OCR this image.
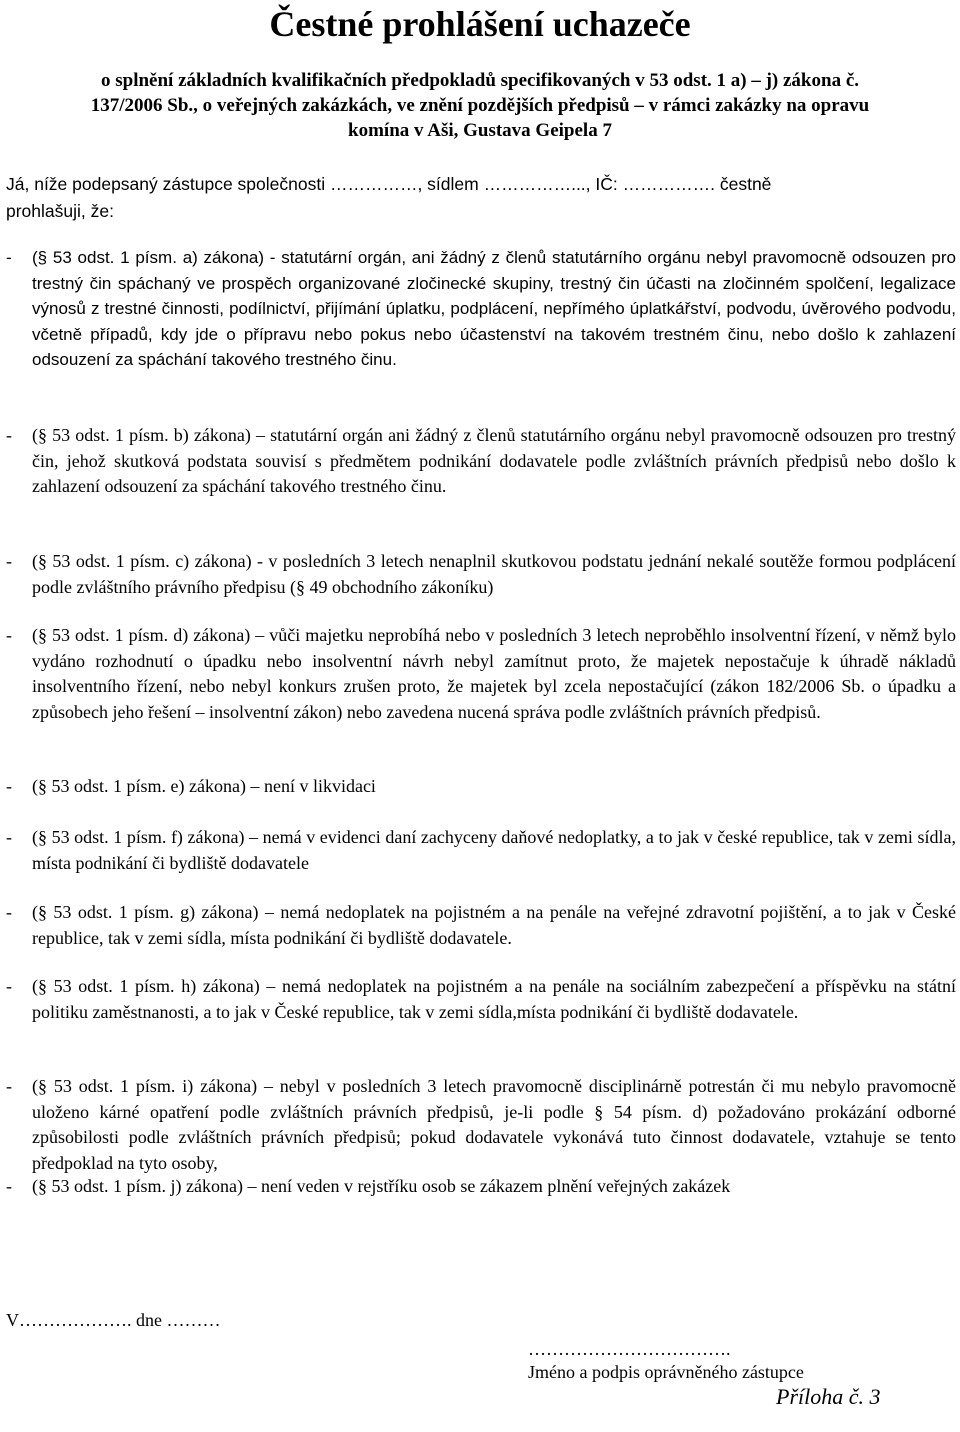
Čestné prohlášení uchazeče
o splnění základních kvalifikačních předpokladů specifikovaných v 53 odst. 1 a) – j) zákona č.
137/2006 Sb., o veřejných zakázkách, ve znění pozdějších předpisů – v rámci zakázky na opravu
komína v Aši, Gustava Geipela 7
Já, níže podepsaný zástupce společnosti ……………, sídlem ……………..., IČ: ……………. čestně
prohlašuji, že:
- (§ 53 odst. 1 písm. a) zákona) - statutární orgán, ani žádný z členů statutárního orgánu nebyl pravomocně odsouzen pro trestný čin spáchaný ve prospěch organizované zločinecké skupiny, trestný čin účasti na zločinném spolčení, legalizace výnosů z trestné činnosti, podílnictví, přijímání úplatku, podplácení, nepřímého úplatkářství, podvodu, úvěrového podvodu, včetně případů, kdy jde o přípravu nebo pokus nebo účastenství na takovém trestném činu, nebo došlo k zahlazení odsouzení za spáchání takového trestného činu.
- (§ 53 odst. 1 písm. b) zákona) – statutární orgán ani žádný z členů statutárního orgánu nebyl pravomocně odsouzen pro trestný čin, jehož skutková podstata souvisí s předmětem podnikání dodavatele podle zvláštních právních předpisů nebo došlo k zahlazení odsouzení za spáchání takového trestného činu.
- (§ 53 odst. 1 písm. c) zákona) - v posledních 3 letech nenaplnil skutkovou podstatu jednání nekalé soutěže formou podplácení podle zvláštního právního předpisu (§ 49 obchodního zákoníku)
- (§ 53 odst. 1 písm. d) zákona) – vůči majetku neprobíhá nebo v posledních 3 letech neproběhlo insolventní řízení, v němž bylo vydáno rozhodnutí o úpadku nebo insolventní návrh nebyl zamítnut proto, že majetek nepostačuje k úhradě nákladů insolventního řízení, nebo nebyl konkurs zrušen proto, že majetek byl zcela nepostačující (zákon 182/2006 Sb. o úpadku a způsobech jeho řešení – insolventní zákon) nebo zavedena nucená správa podle zvláštních právních předpisů.
- (§ 53 odst. 1 písm. e) zákona) – není v likvidaci
- (§ 53 odst. 1 písm. f) zákona) – nemá v evidenci daní zachyceny daňové nedoplatky, a to jak v české republice, tak v zemi sídla, místa podnikání či bydliště dodavatele
- (§ 53 odst. 1 písm. g) zákona) – nemá nedoplatek na pojistném a na penále na veřejné zdravotní pojištění, a to jak v České republice, tak v zemi sídla, místa podnikání či bydliště dodavatele.
- (§ 53 odst. 1 písm. h) zákona) – nemá nedoplatek na pojistném a na penále na sociálním zabezpečení a příspěvku na státní politiku zaměstnanosti, a to jak v České republice, tak v zemi sídla,místa podnikání či bydliště dodavatele.
- (§ 53 odst. 1 písm. i) zákona) – nebyl v posledních 3 letech pravomocně disciplinárně potrestán či mu nebylo pravomocně uloženo kárné opatření podle zvláštních právních předpisů, je-li podle § 54 písm. d) požadováno prokázání odborné způsobilosti podle zvláštních právních předpisů; pokud dodavatele vykonává tuto činnost dodavatele, vztahuje se tento předpoklad na tyto osoby,
- (§ 53 odst. 1 písm. j) zákona) – není veden v rejstříku osob se zákazem plnění veřejných zakázek
V………………. dne ………
…………………………….
Jméno a podpis oprávněného zástupce
Příloha č. 3
